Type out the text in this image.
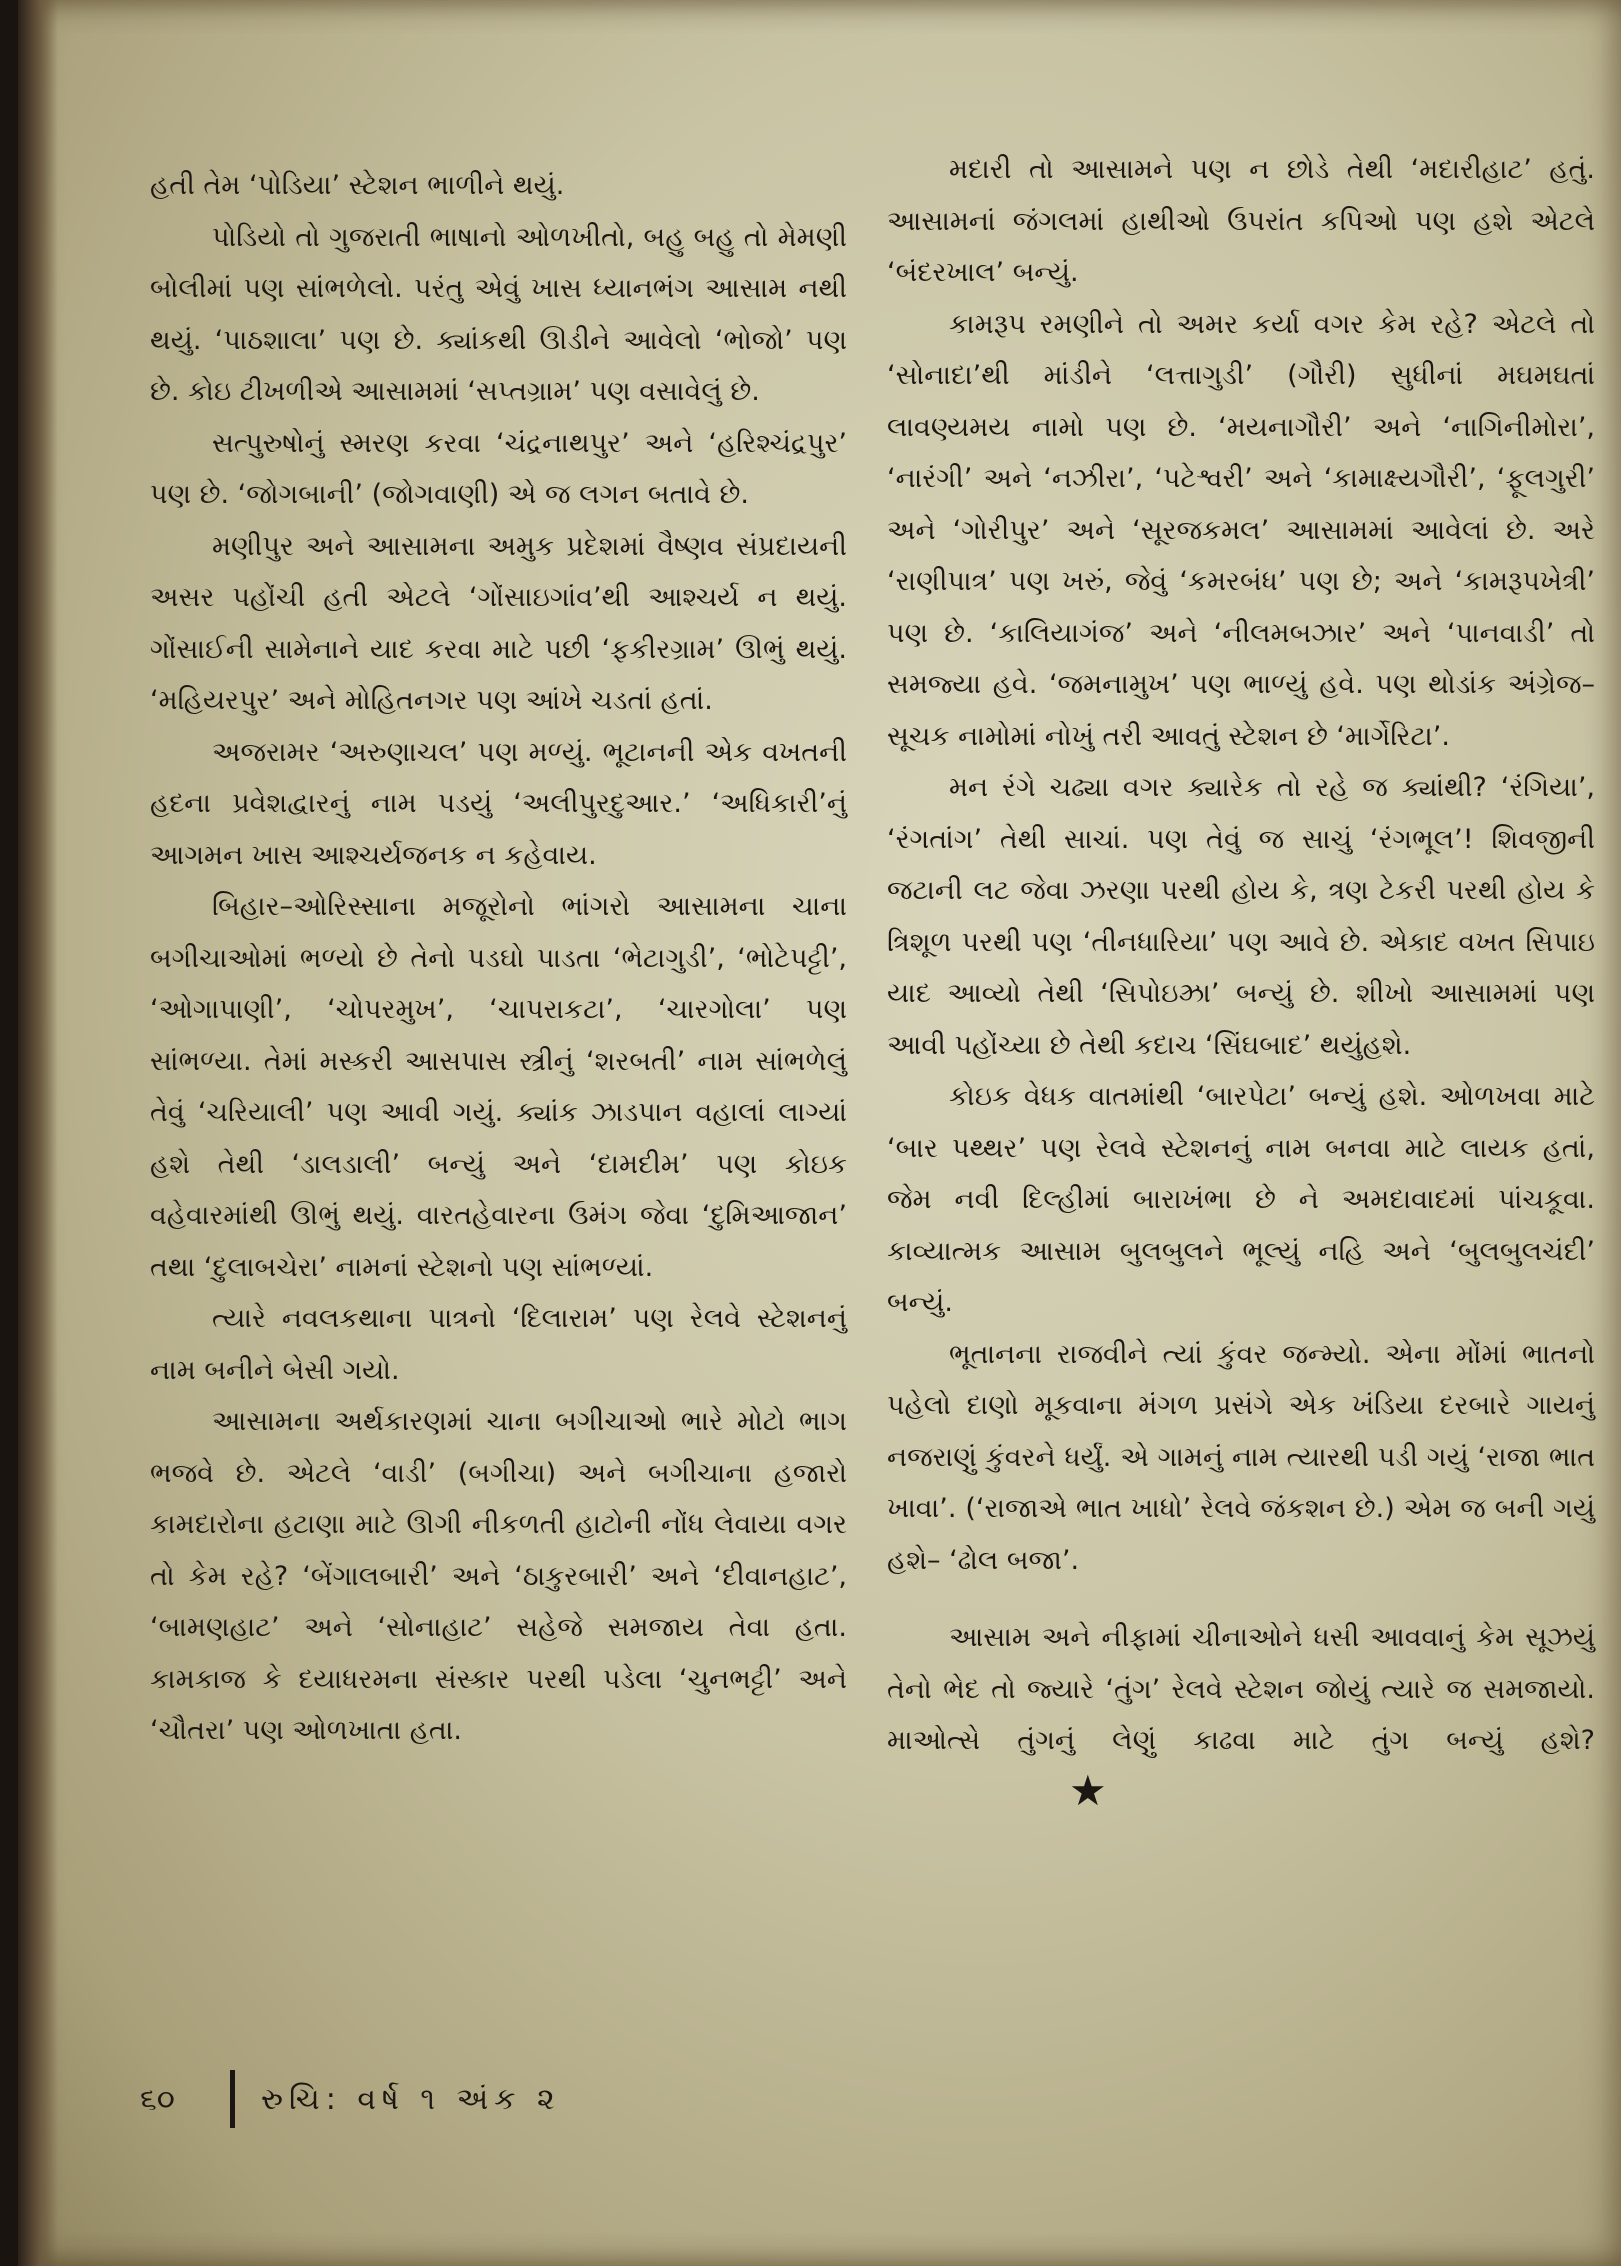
હતી તેમ ‘પોડિયા’ સ્ટેશન ભાળીને થયું.

પોડિયો તો ગુજરાતી ભાષાનો ઓળખીતો, બહુ બહુ તો મેમણી બોલીમાં પણ સાંભળેલો. પરંતુ એવું ખાસ ધ્યાનભંગ આસામ નથી થયું. ‘પાઠશાલા’ પણ છે. ક્યાંકથી ઊડીને આવેલો ‘ભોજો’ પણ છે. કોઇ ટીખળીએ આસામમાં ‘સપ્તગ્રામ’ પણ વસાવેલું છે.

સત્પુરુષોનું સ્મરણ કરવા ‘ચંદ્રનાથપુર’ અને ‘હરિશ્ચંદ્રપુર’ પણ છે. ‘જોગબાની’ (જોગવાણી) એ જ લગન બતાવે છે.

મણીપુર અને આસામના અમુક પ્રદેશમાં વૈષ્ણવ સંપ્રદાયની અસર પહોંચી હતી એટલે ‘ગોંસાઇગાંવ’થી આશ્ચર્ય ન થયું. ગોંસાઈની સામેનાને યાદ કરવા માટે પછી ‘ફકીરગ્રામ’ ઊભું થયું. ‘મહિયરપુર’ અને મોહિતનગર પણ આંખે ચડતાં હતાં.

અજરામર ‘અરુણાચલ’ પણ મળ્યું. ભૂટાનની એક વખતની હદના પ્રવેશદ્વારનું નામ પડયું ‘અલીપુરદુઆર.’ ‘અધિકારી’નું આગમન ખાસ આશ્ચર્યજનક ન કહેવાય.

બિહાર–ઓરિસ્સાના મજૂરોનો ભાંગરો આસામના ચાના બગીચાઓમાં ભળ્યો છે તેનો પડઘો પાડતા ‘ભેટાગુડી’, ‘ભોટેપટ્ટી’, ‘ઓગાપાણી’, ‘ચોપરમુખ’, ‘ચાપરાકટા’, ‘ચારગોલા’ પણ સાંભળ્યા. તેમાં મસ્કરી આસપાસ સ્ત્રીનું ‘શરબતી’ નામ સાંભળેલું તેવું ‘ચરિયાલી’ પણ આવી ગયું. ક્યાંક ઝાડપાન વહાલાં લાગ્યાં હશે તેથી ‘ડાલડાલી’ બન્યું અને ‘દામદીમ’ પણ કોઇક વહેવારમાંથી ઊભું થયું. વારતહેવારના ઉમંગ જેવા ‘દુમિઆજાન’ તથા ‘દુલાબચેરા’ નામનાં સ્ટેશનો પણ સાંભળ્યાં.

ત્યારે નવલકથાના પાત્રનો ‘દિલારામ’ પણ રેલવે સ્ટેશનનું નામ બનીને બેસી ગયો.

આસામના અર્થકારણમાં ચાના બગીચાઓ ભારે મોટો ભાગ ભજવે છે. એટલે ‘વાડી’ (બગીચા) અને બગીચાના હજારો કામદારોના હટાણા માટે ઊગી નીકળતી હાટોની નોંધ લેવાયા વગર તો કેમ રહે? ‘બેંગાલબારી’ અને ‘ઠાકુરબારી’ અને ‘દીવાનહાટ’, ‘બામણહાટ’ અને ‘સોનાહાટ’ સહેજે સમજાય તેવા હતા. કામકાજ કે દયાધરમના સંસ્કાર પરથી પડેલા ‘ચુનભટ્ટી’ અને ‘ચૌતરા’ પણ ઓળખાતા હતા.

મદારી તો આસામને પણ ન છોડે તેથી ‘મદારીહાટ’ હતું. આસામનાં જંગલમાં હાથીઓ ઉપરાંત કપિઓ પણ હશે એટલે ‘બંદરખાલ’ બન્યું.

કામરૂપ રમણીને તો અમર કર્યા વગર કેમ રહે? એટલે તો ‘સોનાદા’થી માંડીને ‘લત્તાગુડી’ (ગૌરી) સુધીનાં મઘમઘતાં લાવણ્યમય નામો પણ છે. ‘મયનાગૌરી’ અને ‘નાગિનીમોરા’, ‘નારંગી’ અને ‘નઝીરા’, ‘પટેશ્વરી’ અને ‘કામાક્ષ્યગૌરી’, ‘ફૂલગુરી’ અને ‘ગોરીપુર’ અને ‘સૂરજકમલ’ આસામમાં આવેલાં છે. અરે ‘રાણીપાત્ર’ પણ ખરું, જેવું ‘કમરબંધ’ પણ છે; અને ‘કામરૂપખેત્રી’ પણ છે. ‘કાલિયાગંજ’ અને ‘નીલમબઝાર’ અને ‘પાનવાડી’ તો સમજ્યા હવે. ‘જમનામુખ’ પણ ભાળ્યું હવે. પણ થોડાંક અંગ્રેજ–સૂચક નામોમાં નોખું તરી આવતું સ્ટેશન છે ‘માર્ગેરિટા’.

મન રંગે ચઢ્યા વગર ક્યારેક તો રહે જ ક્યાંથી? ‘રંગિયા’, ‘રંગતાંગ’ તેથી સાચાં. પણ તેવું જ સાચું ‘રંગભૂલ’! શિવજીની જટાની લટ જેવા ઝરણા પરથી હોય કે, ત્રણ ટેકરી પરથી હોય કે ત્રિશૂળ પરથી પણ ‘તીનધારિયા’ પણ આવે છે. એકાદ વખત સિપાઇ યાદ આવ્યો તેથી ‘સિપોઇઝ્રા’ બન્યું છે. શીખો આસામમાં પણ આવી પહોંચ્યા છે તેથી કદાચ ‘સિંઘબાદ’ થયુંહશે.

કોઇક વેધક વાતમાંથી ‘બારપેટા’ બન્યું હશે. ઓળખવા માટે ‘બાર પથ્થર’ પણ રેલવે સ્ટેશનનું નામ બનવા માટે લાયક હતાં, જેમ નવી દિલ્હીમાં બારાખંભા છે ને અમદાવાદમાં પાંચકૂવા. કાવ્યાત્મક આસામ બુલબુલને ભૂલ્યું નહિ અને ‘બુલબુલચંદી’ બન્યું.

ભૂતાનના રાજવીને ત્યાં કુંવર જન્મ્યો. એના મોંમાં ભાતનો પહેલો દાણો મૂકવાના મંગળ પ્રસંગે એક ખંડિયા દરબારે ગાયનું નજરાણું કુંવરને ધર્યું. એ ગામનું નામ ત્યારથી પડી ગયું ‘રાજા ભાત ખાવા’. (‘રાજાએ ભાત ખાધો’ રેલવે જંકશન છે.) એમ જ બની ગયું હશે– ‘ઢોલ બજા’.

આસામ અને નીફામાં ચીનાઓને ધસી આવવાનું કેમ સૂઝયું તેનો ભેદ તો જ્યારે ‘તુંગ’ રેલવે સ્ટેશન જોયું ત્યારે જ સમજાયો. માઓત્સે તુંગનું લેણું કાઢવા માટે તુંગ બન્યું હશે?★

૬૦	રુચિ: વર્ષ ૧ અંક ૨
